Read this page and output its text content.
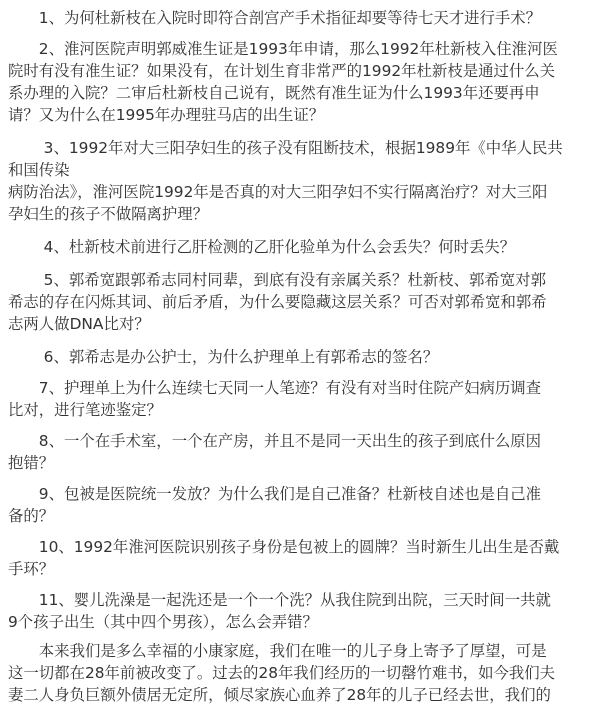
　　1、为何杜新枝在入院时即符合剖宫产手术指征却要等待七天才进行手术？

　　2、淮河医院声明郭威准生证是1993年申请，那么1992年杜新枝入住淮河医

院时有没有准生证？如果没有，在计划生育非常严的1992年杜新枝是通过什么关

系办理的入院？二审后杜新枝自己说有，既然有准生证为什么1993年还要再申

请？又为什么在1995年办理驻马店的出生证？

　　 3、1992年对大三阳孕妇生的孩子没有阻断技术，根据1989年《中华人民共

和国传染

病防治法》，淮河医院1992年是否真的对大三阳孕妇不实行隔离治疗？对大三阳

孕妇生的孩子不做隔离护理？

　　 4、杜新枝术前进行乙肝检测的乙肝化验单为什么会丢失？何时丢失？

　　 5、郭希宽跟郭希志同村同辈，到底有没有亲属关系？杜新枝、郭希宽对郭

希志的存在闪烁其词、前后矛盾，为什么要隐藏这层关系？可否对郭希宽和郭希

志两人做DNA比对？

　　 6、郭希志是办公护士，为什么护理单上有郭希志的签名？

　　7、护理单上为什么连续七天同一人笔迹？有没有对当时住院产妇病历调查

比对，进行笔迹鉴定？

　　8、一个在手术室，一个在产房，并且不是同一天出生的孩子到底什么原因

抱错？

　　9、包被是医院统一发放？为什么我们是自己准备？杜新枝自述也是自己准

备的？

　　10、1992年淮河医院识别孩子身份是包被上的圆牌？当时新生儿出生是否戴

手环？

　　11、婴儿洗澡是一起洗还是一个一个洗？从我住院到出院，三天时间一共就

9个孩子出生（其中四个男孩），怎么会弄错？

　　本来我们是多么幸福的小康家庭，我们在唯一的儿子身上寄予了厚望，可是

这一切都在28年前被改变了。过去的28年我们经历的一切罄竹难书，如今我们夫

妻二人身负巨额外债居无定所，倾尽家族心血养了28年的儿子已经去世，我们的
